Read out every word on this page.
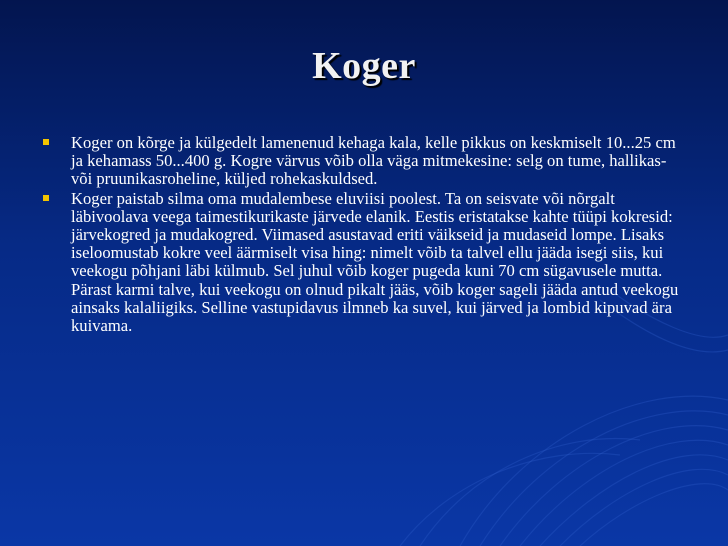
Koger
Koger on kõrge ja külgedelt lamenenud kehaga kala, kelle pikkus on keskmiselt 10...25 cm ja kehamass 50...400 g. Kogre värvus võib olla väga mitmekesine: selg on tume, hallikas- või pruunikasroheline, küljed rohekaskuldsed.
Koger paistab silma oma mudalembese eluviisi poolest. Ta on seisvate või nõrgalt läbivoolava veega taimestikurikaste järvede elanik. Eestis eristatakse kahte tüüpi kokresid: järvekogred ja mudakogred. Viimased asustavad eriti väikseid ja mudaseid lompe. Lisaks iseloomustab kokre veel äärmiselt visa hing: nimelt võib ta talvel ellu jääda isegi siis, kui veekogu põhjani läbi külmub. Sel juhul võib koger pugeda kuni 70 cm sügavusele mutta. Pärast karmi talve, kui veekogu on olnud pikalt jääs, võib koger sageli jääda antud veekogu ainsaks kalaliigiks. Selline vastupidavus ilmneb ka suvel, kui järved ja lombid kipuvad ära kuivama.
